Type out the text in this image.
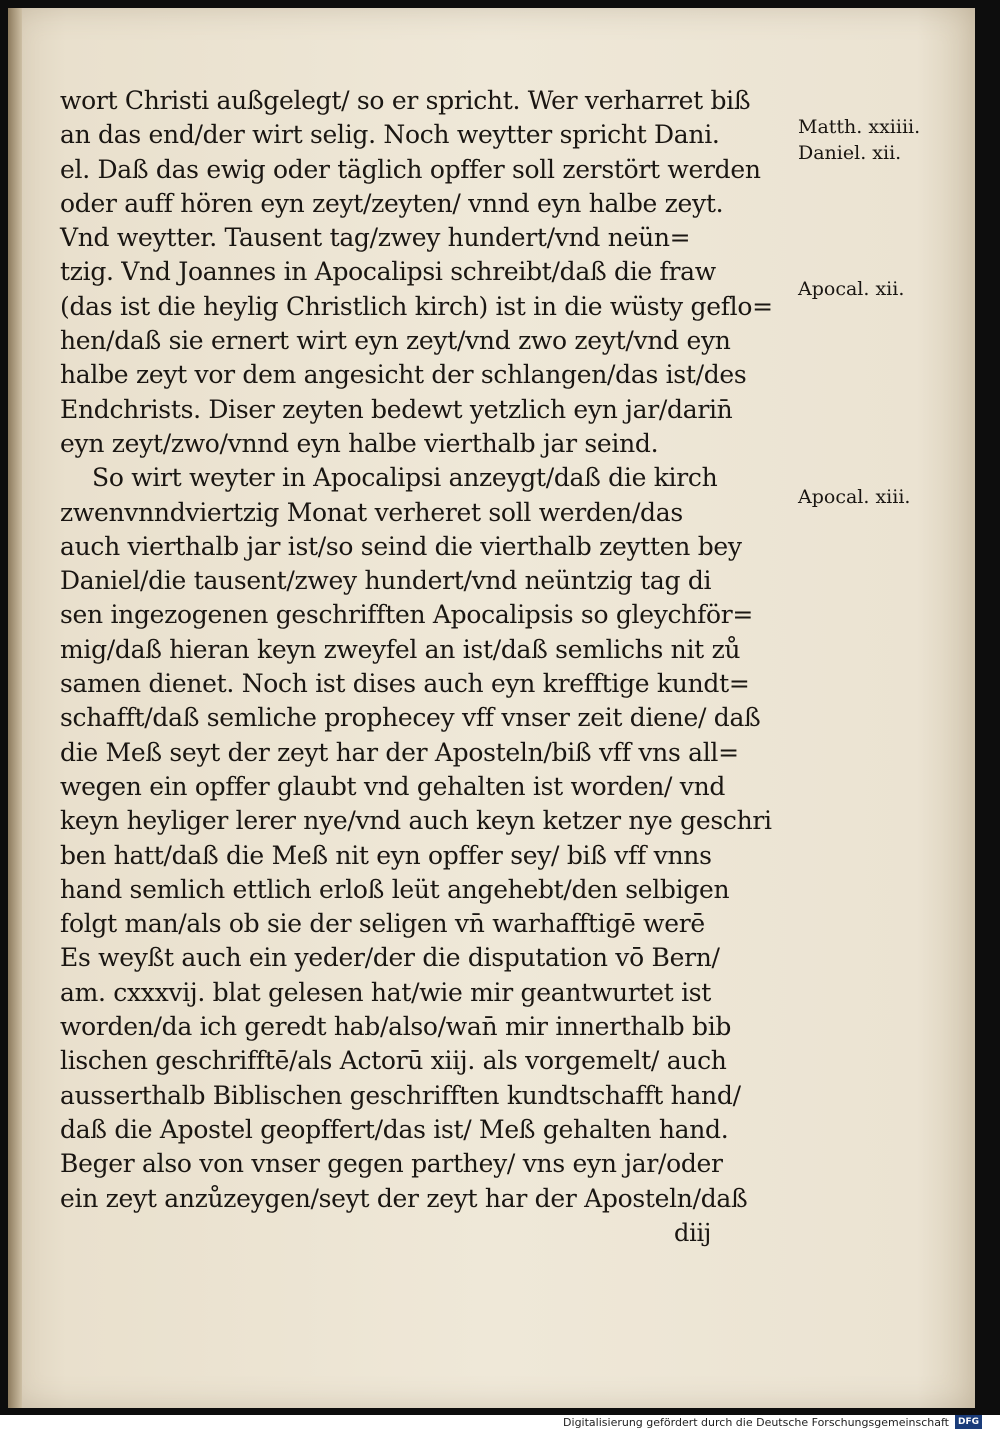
wort Christi außgelegt/ so er spricht. Wer verharret biß
an das end/der wirt selig. Noch weytter spricht Dani.
el. Daß das ewig oder täglich opffer soll zerstört werden
oder auff hören eyn zeyt/zeyten/ vnnd eyn halbe zeyt.
Vnd weytter. Tausent tag/zwey hundert/vnd neün=
tzig. Vnd Joannes in Apocalipsi schreibt/daß die fraw
(das ist die heylig Christlich kirch) ist in die wüsty geflo=
hen/daß sie ernert wirt eyn zeyt/vnd zwo zeyt/vnd eyn
halbe zeyt vor dem angesicht der schlangen/das ist/des
Endchrists. Diser zeyten bedewt yetzlich eyn jar/darin̄
eyn zeyt/zwo/vnnd eyn halbe vierthalb jar seind.
So wirt weyter in Apocalipsi anzeygt/daß die kirch
zwenvnndviertzig Monat verheret soll werden/das
auch vierthalb jar ist/so seind die vierthalb zeytten bey
Daniel/die tausent/zwey hundert/vnd neüntzig tag di
sen ingezogenen geschrifften Apocalipsis so gleychför=
mig/daß hieran keyn zweyfel an ist/daß semlichs nit zů
samen dienet. Noch ist dises auch eyn krefftige kundt=
schafft/daß semliche prophecey vff vnser zeit diene/ daß
die Meß seyt der zeyt har der Aposteln/biß vff vns all=
wegen ein opffer glaubt vnd gehalten ist worden/ vnd
keyn heyliger lerer nye/vnd auch keyn ketzer nye geschri
ben hatt/daß die Meß nit eyn opffer sey/ biß vff vnns
hand semlich ettlich erloß leüt angehebt/den selbigen
folgt man/als ob sie der seligen vn̄ warhafftigē werē
Es weyßt auch ein yeder/der die disputation vō Bern/
am. cxxxvij. blat gelesen hat/wie mir geantwurtet ist
worden/da ich geredt hab/also/wan̄ mir innerthalb bib
lischen geschrifftē/als Actorū xiij. als vorgemelt/ auch
ausserthalb Biblischen geschrifften kundtschafft hand/
daß die Apostel geopffert/das ist/ Meß gehalten hand.
Beger also von vnser gegen parthey/ vns eyn jar/oder
ein zeyt anzůzeygen/seyt der zeyt har der Aposteln/daß
diij
Matth. xxiiii.
Daniel. xii.
Apocal. xii.
Apocal. xiii.
Digitalisierung gefördert durch die Deutsche Forschungsgemeinschaft	DFG
